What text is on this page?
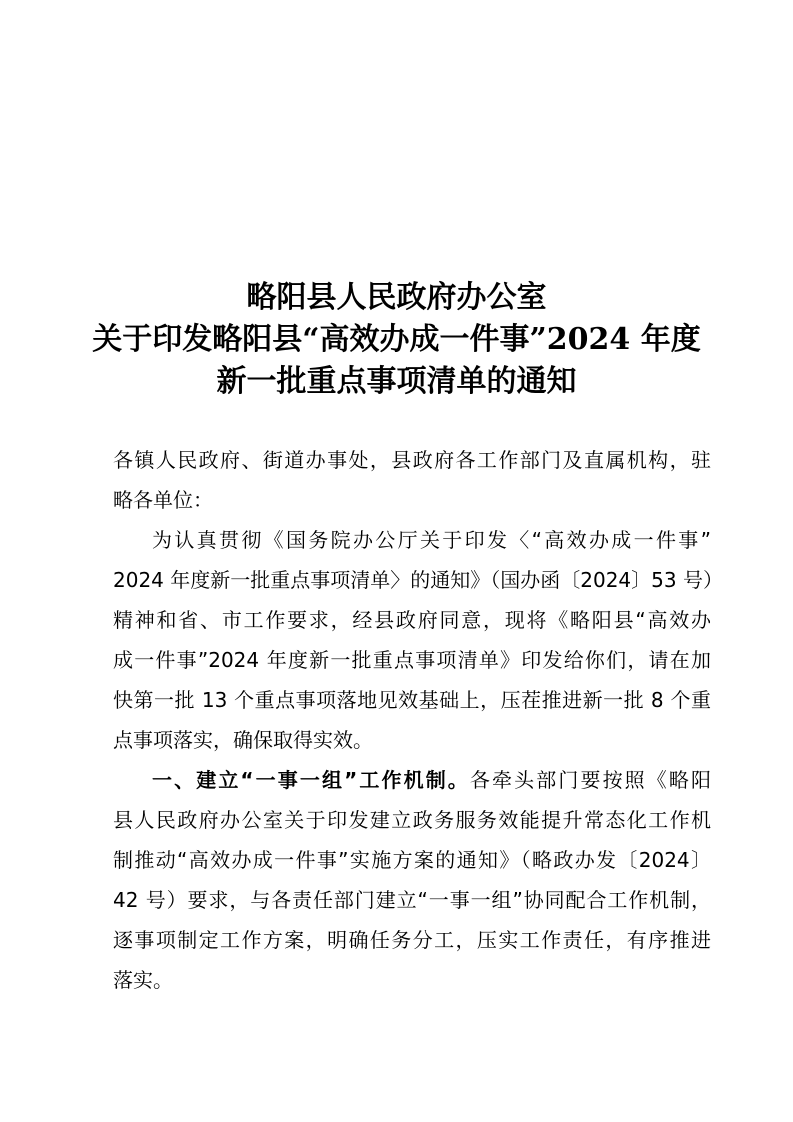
略阳县人民政府办公室
关于印发略阳县“高效办成一件事”2024 年度
新一批重点事项清单的通知
各镇人民政府、街道办事处，县政府各工作部门及直属机构，驻
略各单位：
为认真贯彻《国务院办公厅关于印发〈“高效办成一件事”
2024 年度新一批重点事项清单〉的通知》（国办函〔2024〕53 号）
精神和省、市工作要求，经县政府同意，现将《略阳县“高效办
成一件事”2024 年度新一批重点事项清单》印发给你们，请在加
快第一批 13 个重点事项落地见效基础上，压茬推进新一批 8 个重
点事项落实，确保取得实效。
一、建立“一事一组”工作机制。各牵头部门要按照《略阳
县人民政府办公室关于印发建立政务服务效能提升常态化工作机
制推动“高效办成一件事”实施方案的通知》（略政办发〔2024〕
42 号）要求，与各责任部门建立“一事一组”协同配合工作机制，
逐事项制定工作方案，明确任务分工，压实工作责任，有序推进
落实。
